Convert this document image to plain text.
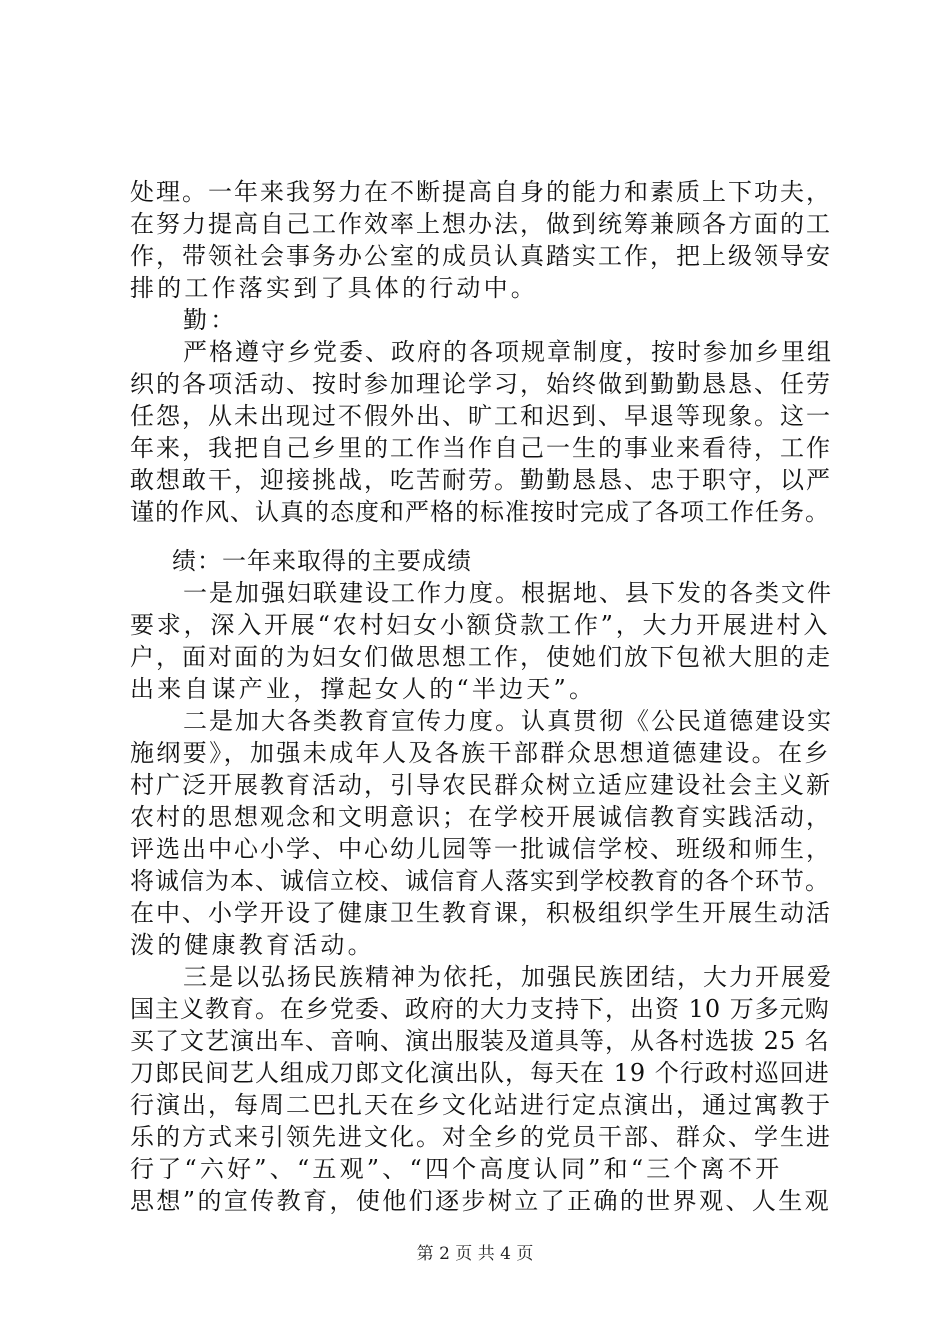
处理。一年来我努力在不断提高自身的能力和素质上下功夫，
在努力提高自己工作效率上想办法，做到统筹兼顾各方面的工
作，带领社会事务办公室的成员认真踏实工作，把上级领导安
排的工作落实到了具体的行动中。
勤：
严格遵守乡党委、政府的各项规章制度，按时参加乡里组
织的各项活动、按时参加理论学习，始终做到勤勤恳恳、任劳
任怨，从未出现过不假外出、旷工和迟到、早退等现象。这一
年来，我把自己乡里的工作当作自己一生的事业来看待，工作
敢想敢干，迎接挑战，吃苦耐劳。勤勤恳恳、忠于职守，以严
谨的作风、认真的态度和严格的标准按时完成了各项工作任务。
绩：一年来取得的主要成绩
一是加强妇联建设工作力度。根据地、县下发的各类文件
要求，深入开展“农村妇女小额贷款工作”，大力开展进村入
户，面对面的为妇女们做思想工作，使她们放下包袱大胆的走
出来自谋产业，撑起女人的“半边天”。
二是加大各类教育宣传力度。认真贯彻《公民道德建设实
施纲要》，加强未成年人及各族干部群众思想道德建设。在乡
村广泛开展教育活动，引导农民群众树立适应建设社会主义新
农村的思想观念和文明意识；在学校开展诚信教育实践活动，
评选出中心小学、中心幼儿园等一批诚信学校、班级和师生，
将诚信为本、诚信立校、诚信育人落实到学校教育的各个环节。
在中、小学开设了健康卫生教育课，积极组织学生开展生动活
泼的健康教育活动。
三是以弘扬民族精神为依托，加强民族团结，大力开展爱
国主义教育。在乡党委、政府的大力支持下，出资 10 万多元购
买了文艺演出车、音响、演出服装及道具等，从各村选拔 25 名
刀郎民间艺人组成刀郎文化演出队，每天在 19 个行政村巡回进
行演出，每周二巴扎天在乡文化站进行定点演出，通过寓教于
乐的方式来引领先进文化。对全乡的党员干部、群众、学生进
行了“六好”、“五观”、“四个高度认同”和“三个离不开
思想”的宣传教育，使他们逐步树立了正确的世界观、人生观
第 2 页 共 4 页
